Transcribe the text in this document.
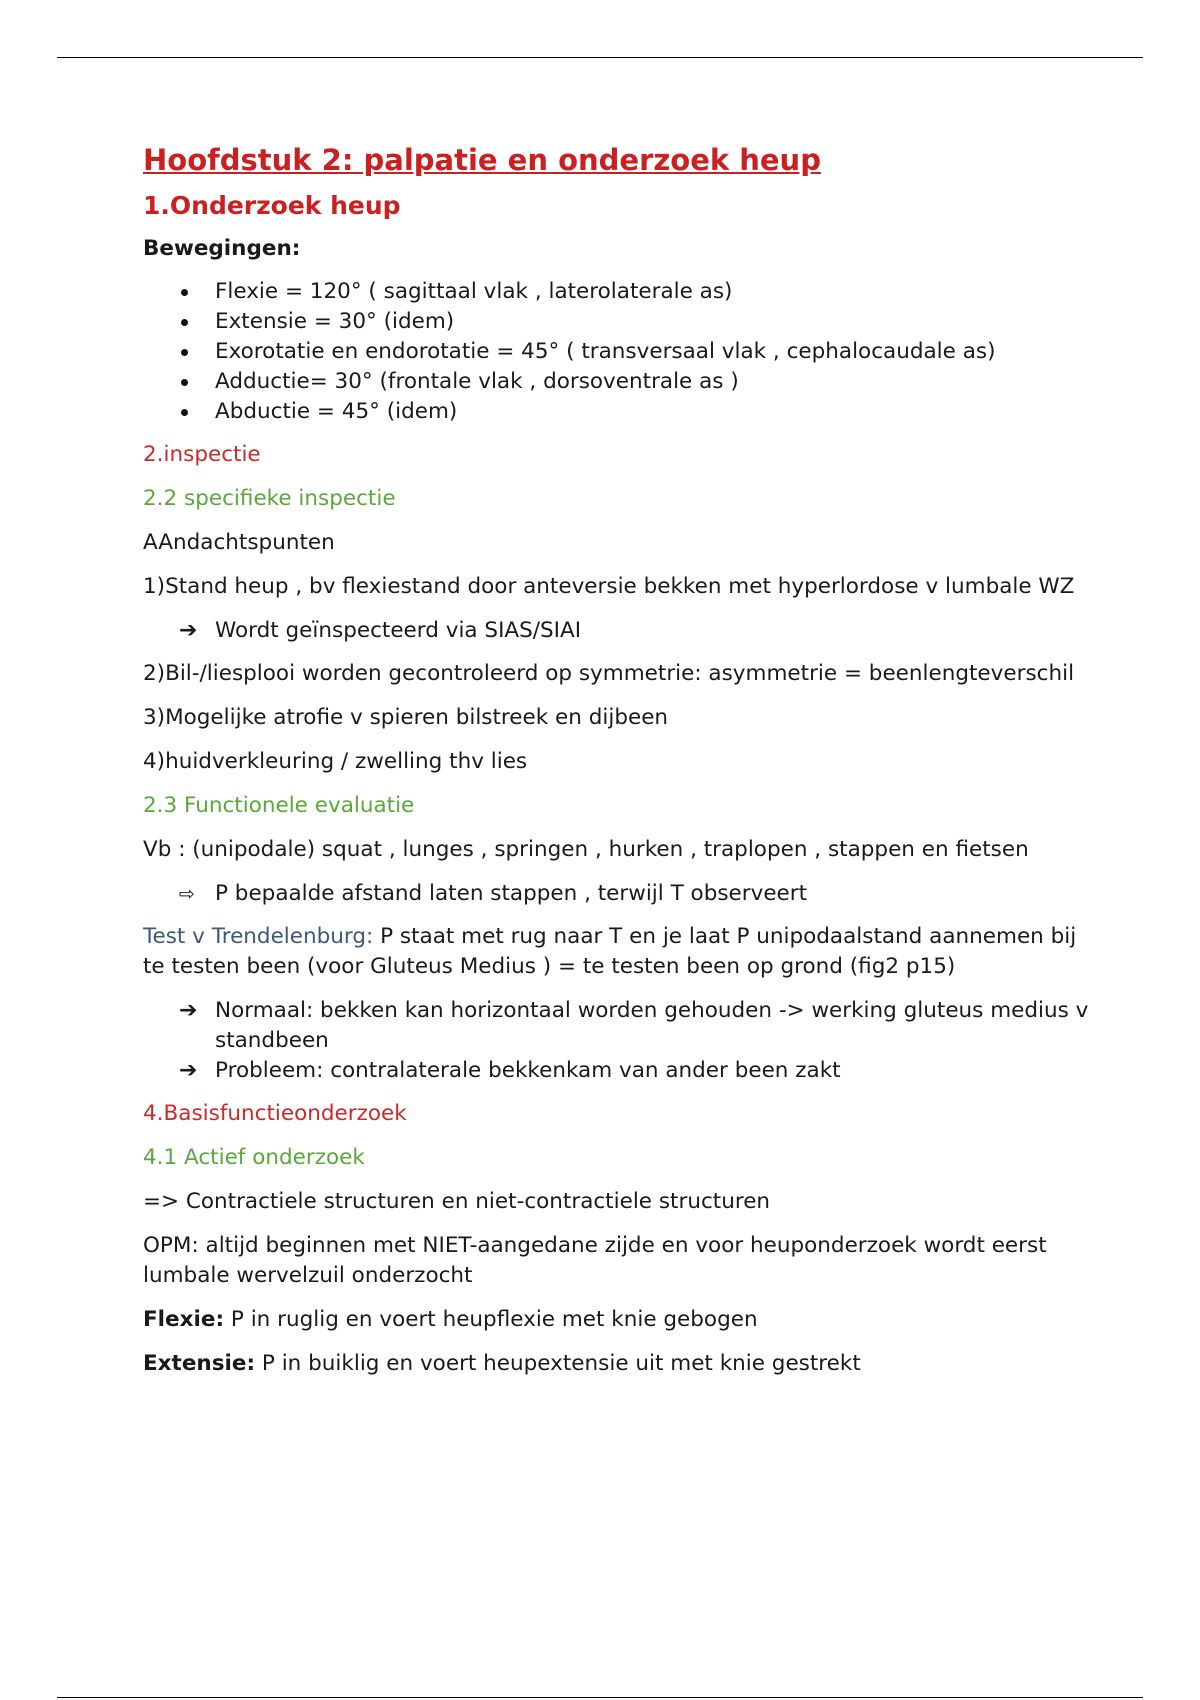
Hoofdstuk 2: palpatie en onderzoek heup
1.Onderzoek heup
Bewegingen:
Flexie = 120° ( sagittaal vlak , laterolaterale as)
Extensie = 30° (idem)
Exorotatie en endorotatie = 45° ( transversaal vlak , cephalocaudale as)
Adductie= 30° (frontale vlak , dorsoventrale as )
Abductie = 45° (idem)
2.inspectie
2.2 specifieke inspectie

AAndachtspunten

1)Stand heup , bv flexiestand door anteversie bekken met hyperlordose v lumbale WZ

➔ Wordt geïnspecteerd via SIAS/SIAI

2)Bil-/liesplooi worden gecontroleerd op symmetrie: asymmetrie = beenlengteverschil

3)Mogelijke atrofie v spieren bilstreek en dijbeen

4)huidverkleuring / zwelling thv lies

2.3 Functionele evaluatie

Vb : (unipodale) squat , lunges , springen , hurken , traplopen , stappen en fietsen

⇨ P bepaalde afstand laten stappen , terwijl T observeert

Test v Trendelenburg: P staat met rug naar T en je laat P unipodaalstand aannemen bij te testen been (voor Gluteus Medius ) = te testen been op grond (fig2 p15)

➔ Normaal: bekken kan horizontaal worden gehouden -> werking gluteus medius v standbeen
➔ Probleem: contralaterale bekkenkam van ander been zakt
4.Basisfunctieonderzoek
4.1 Actief onderzoek

=> Contractiele structuren en niet-contractiele structuren

OPM: altijd beginnen met NIET-aangedane zijde en voor heuponderzoek wordt eerst lumbale wervelzuil onderzocht

Flexie: P in ruglig en voert heupflexie met knie gebogen

Extensie: P in buiklig en voert heupextensie uit met knie gestrekt
